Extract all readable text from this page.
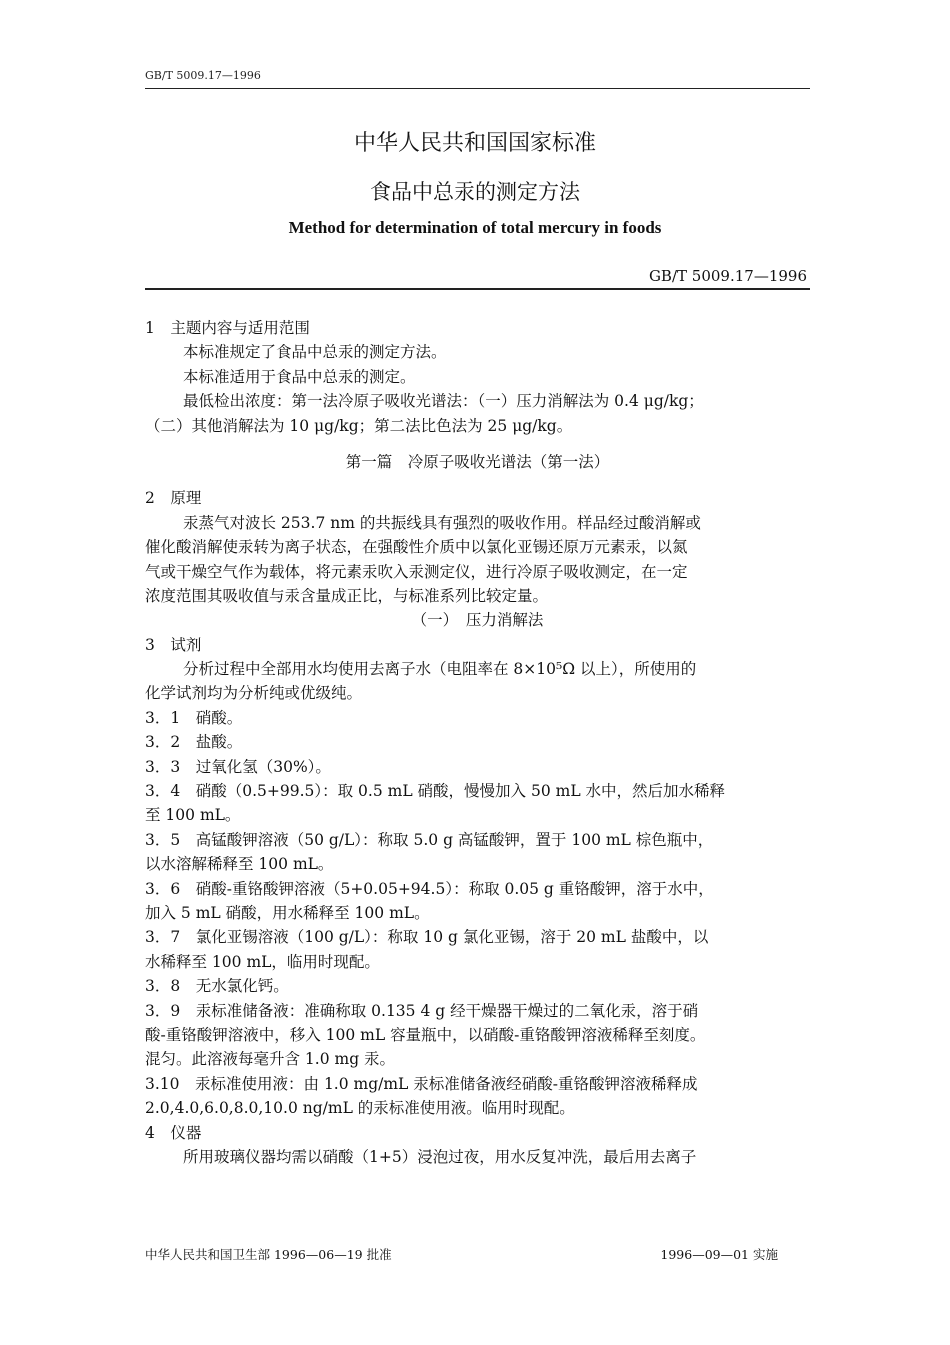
GB/T 5009.17—1996
中华人民共和国国家标准
食品中总汞的测定方法
Method for determination of total mercury in foods
GB/T 5009.17—1996
1　主题内容与适用范围
本标准规定了食品中总汞的测定方法。
本标准适用于食品中总汞的测定。
最低检出浓度：第一法冷原子吸收光谱法：（一）压力消解法为 0.4 μg/kg；
（二）其他消解法为 10 μg/kg；第二法比色法为 25 μg/kg。
第一篇　冷原子吸收光谱法（第一法）
2　原理
汞蒸气对波长 253.7 nm 的共振线具有强烈的吸收作用。样品经过酸消解或
催化酸消解使汞转为离子状态，在强酸性介质中以氯化亚锡还原万元素汞，以氮
气或干燥空气作为载体，将元素汞吹入汞测定仪，进行冷原子吸收测定，在一定
浓度范围其吸收值与汞含量成正比，与标准系列比较定量。
（一）　压力消解法
3　试剂
分析过程中全部用水均使用去离子水（电阻率在 8×10⁵Ω 以上），所使用的
化学试剂均为分析纯或优级纯。
3．1　硝酸。
3．2　盐酸。
3．3　过氧化氢（30%）。
3．4　硝酸（0.5+99.5）：取 0.5 mL 硝酸，慢慢加入 50 mL 水中，然后加水稀释
至 100 mL。
3．5　高锰酸钾溶液（50 g/L）：称取 5.0 g 高锰酸钾，置于 100 mL 棕色瓶中，
以水溶解稀释至 100 mL。
3．6　硝酸-重铬酸钾溶液（5+0.05+94.5）：称取 0.05 g 重铬酸钾，溶于水中，
加入 5 mL 硝酸，用水稀释至 100 mL。
3．7　氯化亚锡溶液（100 g/L）：称取 10 g 氯化亚锡，溶于 20 mL 盐酸中，以
水稀释至 100 mL，临用时现配。
3．8　无水氯化钙。
3．9　汞标准储备液：准确称取 0.135 4 g 经干燥器干燥过的二氧化汞，溶于硝
酸-重铬酸钾溶液中，移入 100 mL 容量瓶中，以硝酸-重铬酸钾溶液稀释至刻度。
混匀。此溶液每毫升含 1.0 mg 汞。
3.10　汞标准使用液：由 1.0 mg/mL 汞标准储备液经硝酸-重铬酸钾溶液稀释成
2.0,4.0,6.0,8.0,10.0 ng/mL 的汞标准使用液。临用时现配。
4　仪器
所用玻璃仪器均需以硝酸（1+5）浸泡过夜，用水反复冲洗，最后用去离子
中华人民共和国卫生部 1996—06—19 批准	1996—09—01 实施
